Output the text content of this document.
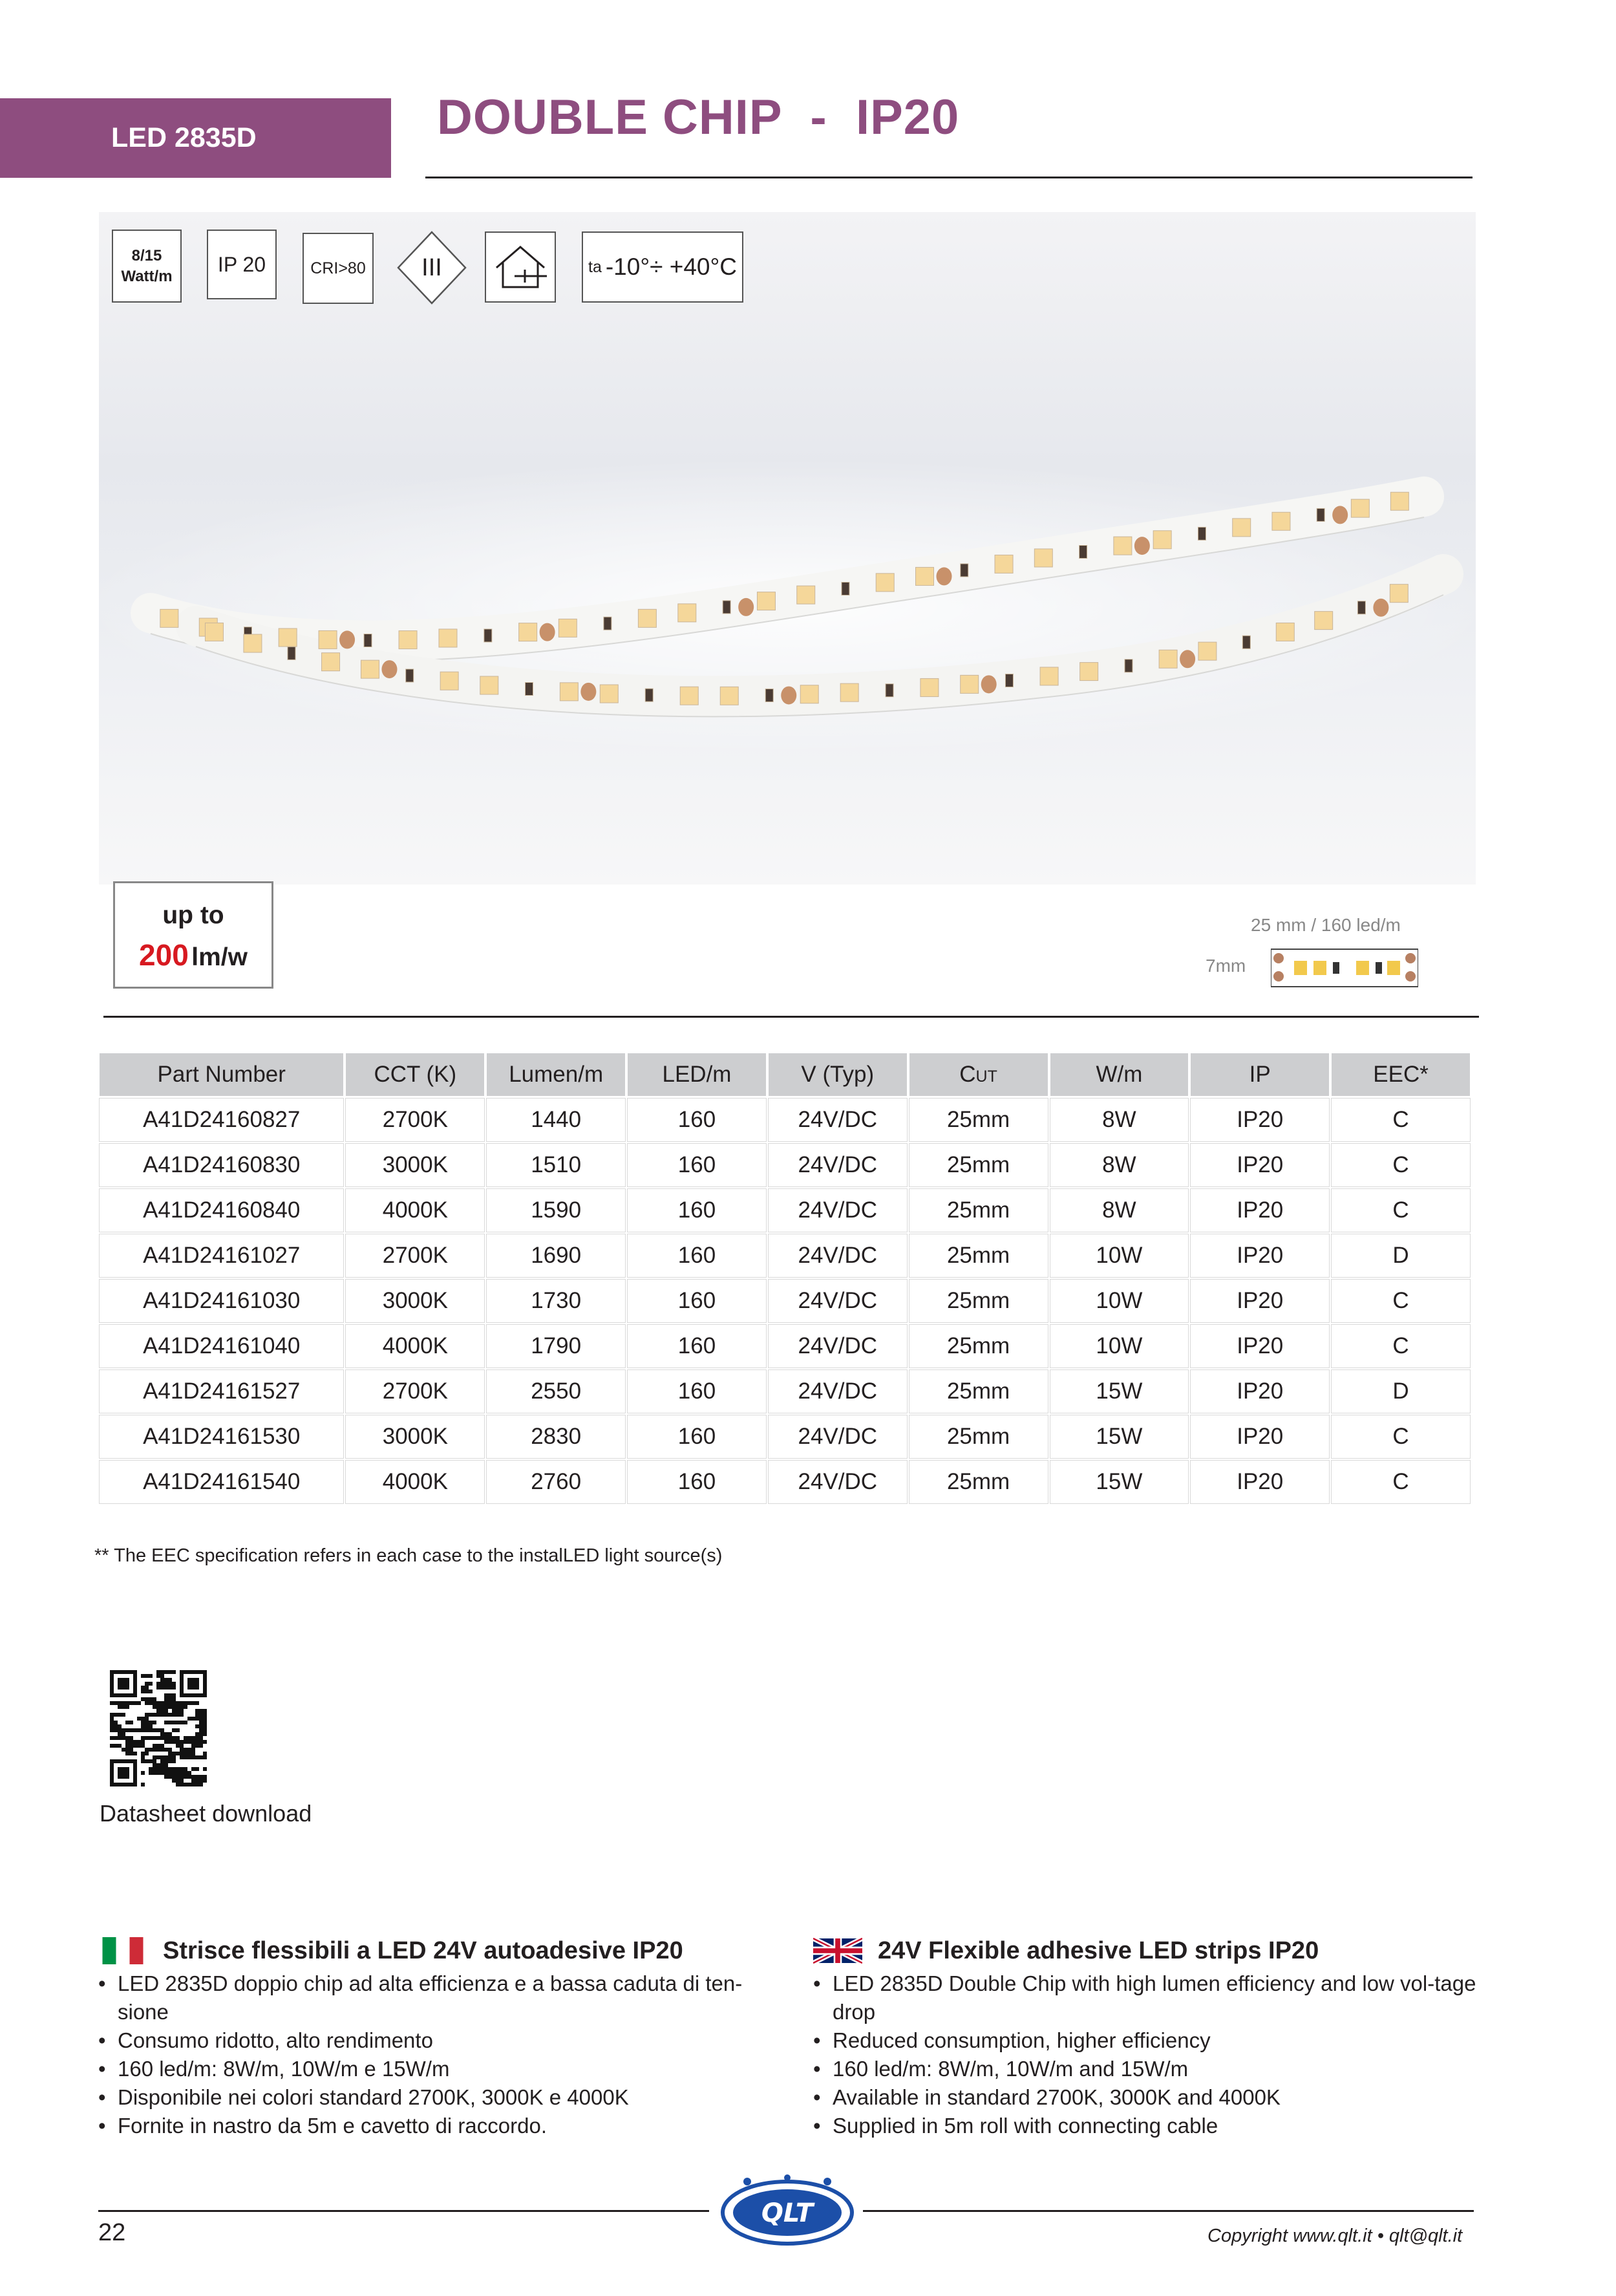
LED 2835D	DOUBLE CHIP  -  IP20
8/15
Watt/m
IP 20	CRI>80 III	ta -10°÷ +40°C
up to
200 lm/w
25 mm / 160 led/m
7mm
Part Number	CCT (K)	Lumen/m	LED/m	V (Typ)	Cut	W/m	IP	EEC*
A41D24160827	2700K	1440	160	24V/DC	25mm	8W	IP20	C
A41D24160830	3000K	1510	160	24V/DC	25mm	8W	IP20	C
A41D24160840	4000K	1590	160	24V/DC	25mm	8W	IP20	C
A41D24161027	2700K	1690	160	24V/DC	25mm	10W	IP20	D
A41D24161030	3000K	1730	160	24V/DC	25mm	10W	IP20	C
A41D24161040	4000K	1790	160	24V/DC	25mm	10W	IP20	C
A41D24161527	2700K	2550	160	24V/DC	25mm	15W	IP20	D
A41D24161530	3000K	2830	160	24V/DC	25mm	15W	IP20	C
A41D24161540	4000K	2760	160	24V/DC	25mm	15W	IP20	C
** The EEC specification refers in each case to the instalLED light source(s)
Datasheet download
Strisce flessibili a LED 24V autoadesive IP20
• LED 2835D doppio chip ad alta efficienza e a bassa caduta di ten-sione
• Consumo ridotto, alto rendimento
• 160 led/m: 8W/m, 10W/m e 15W/m
• Disponibile nei colori standard 2700K, 3000K e 4000K
• Fornite in nastro da 5m e cavetto di raccordo.
24V Flexible adhesive LED strips IP20
• LED 2835D Double Chip with high lumen efficiency and low vol-tage drop
• Reduced consumption, higher efficiency
• 160 led/m: 8W/m, 10W/m and 15W/m
• Available in standard 2700K, 3000K and 4000K
• Supplied in 5m roll with connecting cable
QLT
22	Copyright www.qlt.it • qlt@qlt.it
